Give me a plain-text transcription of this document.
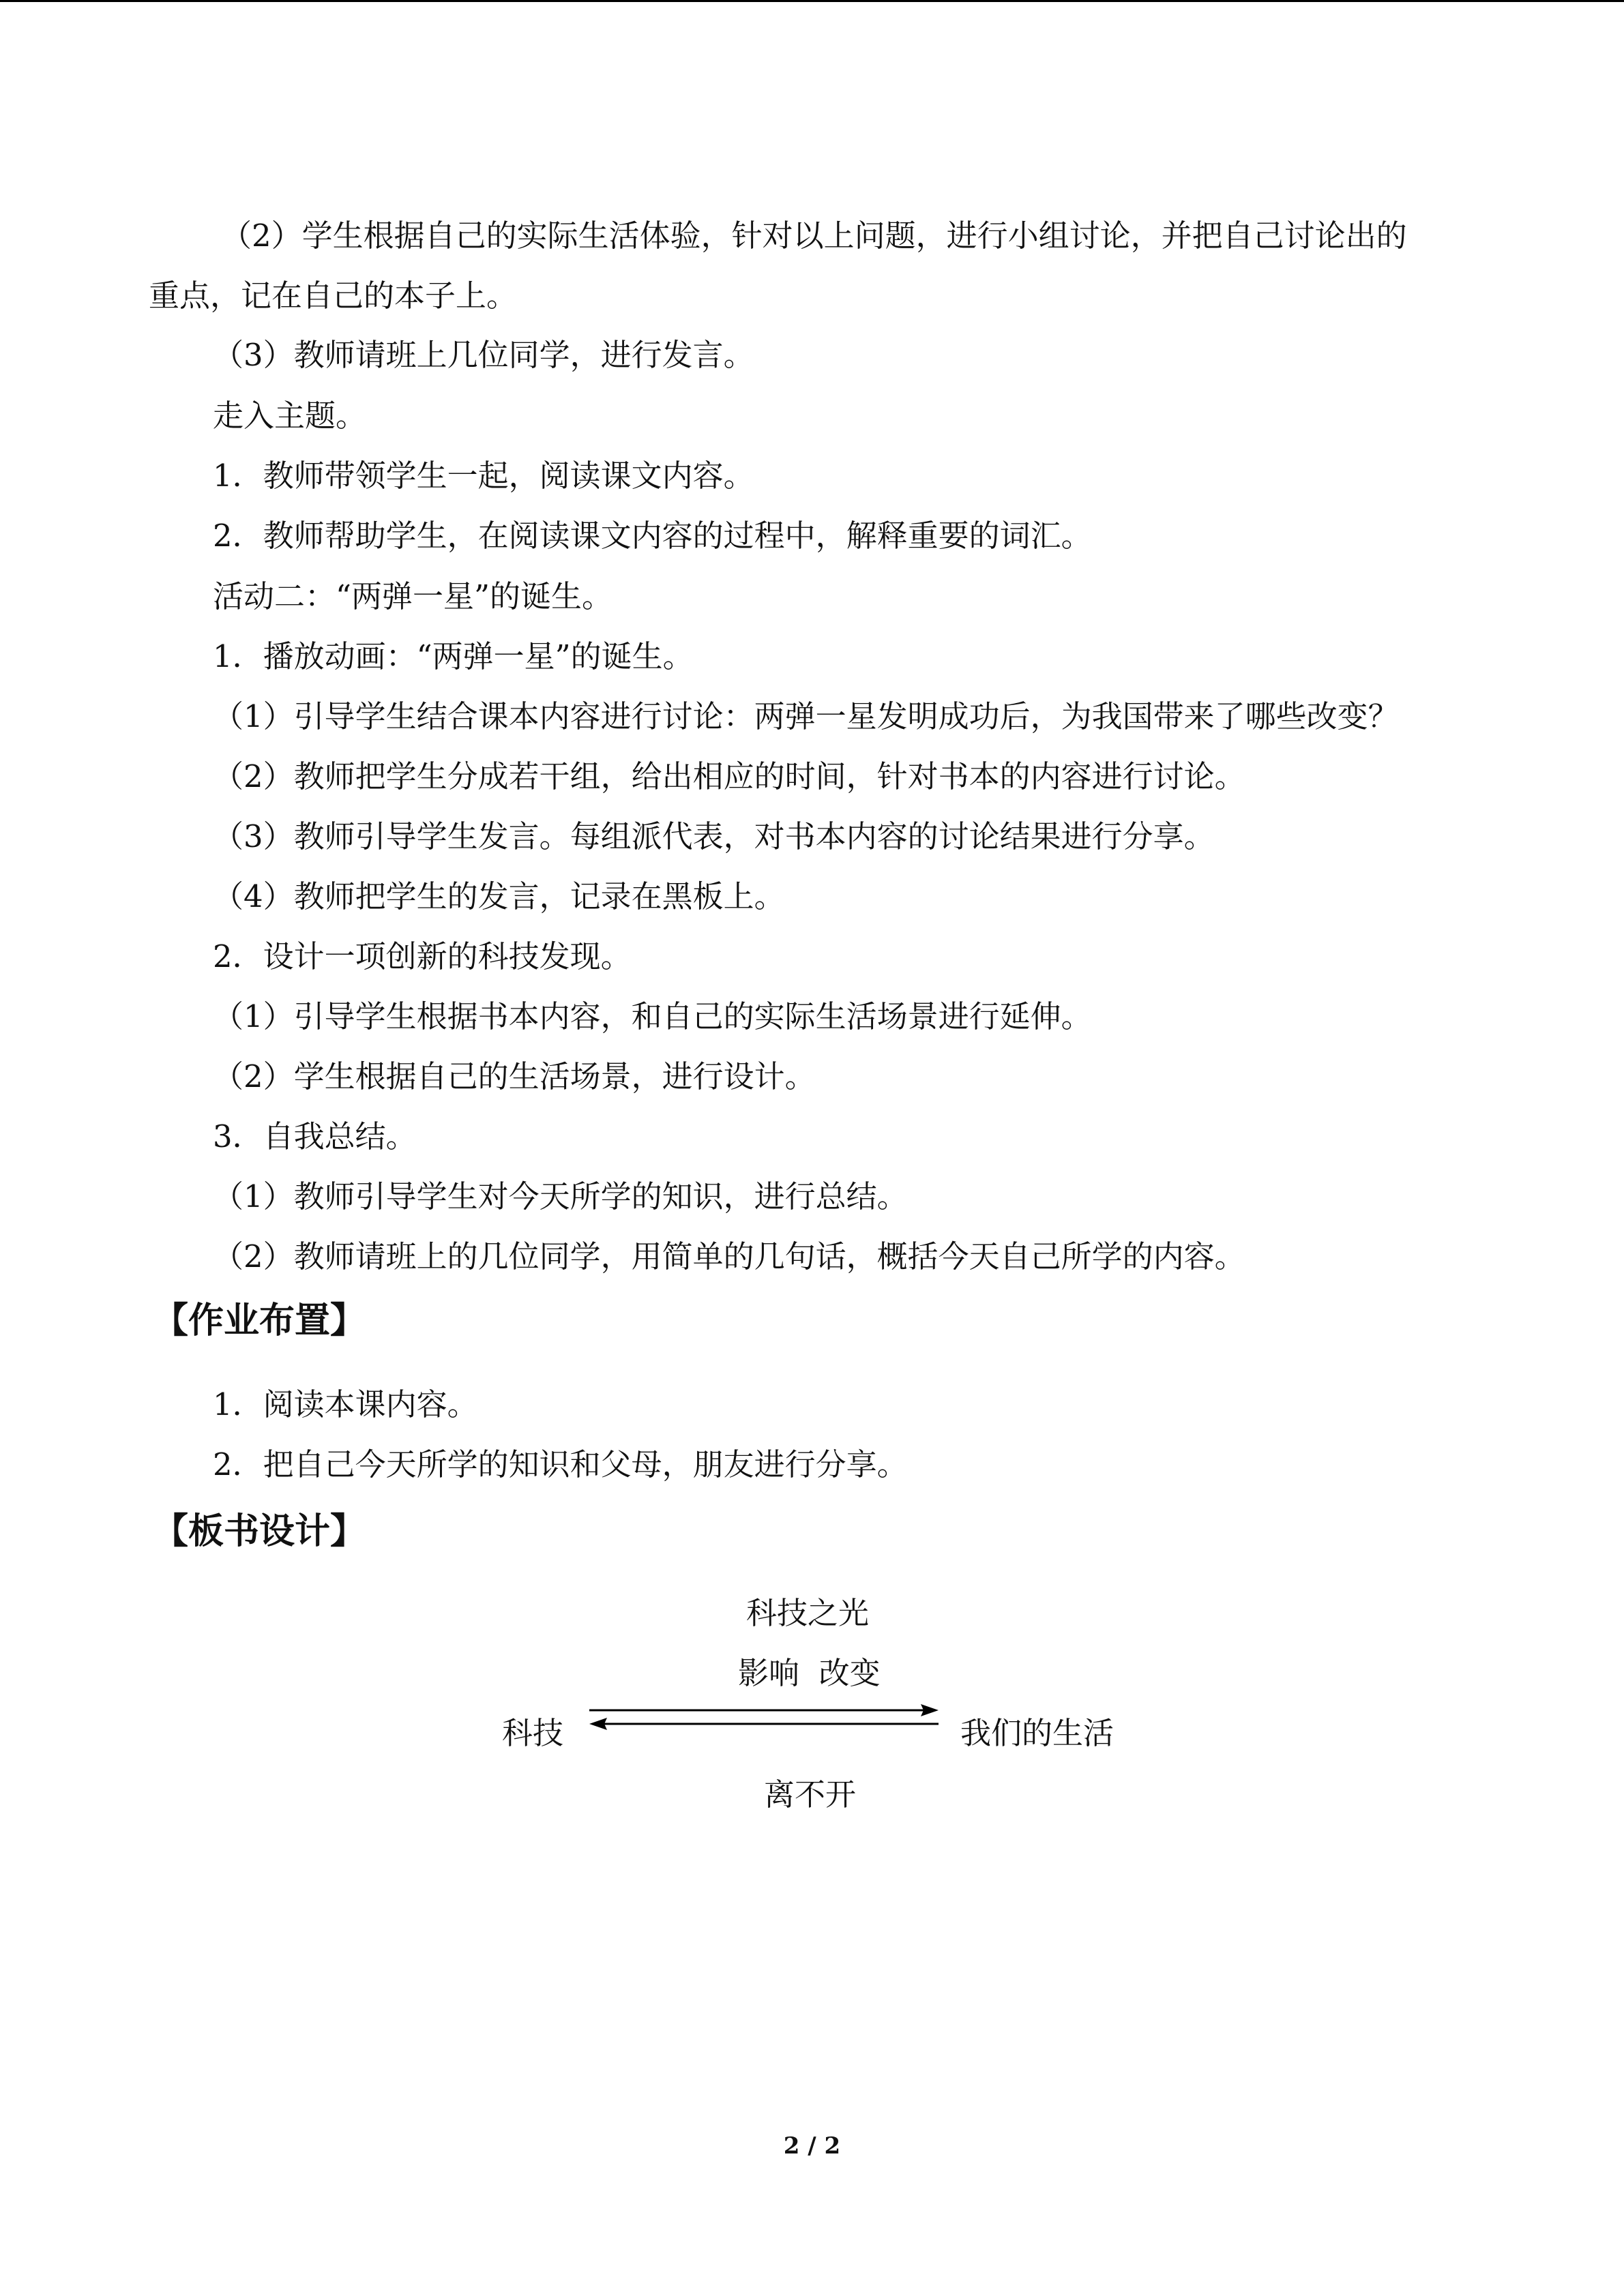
（2）学生根据自己的实际生活体验，针对以上问题，进行小组讨论，并把自己讨论出的
重点，记在自己的本子上。
（3）教师请班上几位同学，进行发言。
走入主题。
1．教师带领学生一起，阅读课文内容。
2．教师帮助学生，在阅读课文内容的过程中，解释重要的词汇。
活动二：“两弹一星”的诞生。
1．播放动画：“两弹一星”的诞生。
（1）引导学生结合课本内容进行讨论：两弹一星发明成功后，为我国带来了哪些改变？
（2）教师把学生分成若干组，给出相应的时间，针对书本的内容进行讨论。
（3）教师引导学生发言。每组派代表，对书本内容的讨论结果进行分享。
（4）教师把学生的发言，记录在黑板上。
2．设计一项创新的科技发现。
（1）引导学生根据书本内容，和自己的实际生活场景进行延伸。
（2）学生根据自己的生活场景，进行设计。
3．自我总结。
（1）教师引导学生对今天所学的知识，进行总结。
（2）教师请班上的几位同学，用简单的几句话，概括今天自己所学的内容。
【作业布置】
1．阅读本课内容。
2．把自己今天所学的知识和父母，朋友进行分享。
【板书设计】
科技之光
影响  改变
科技	我们的生活
离不开
2 / 2
